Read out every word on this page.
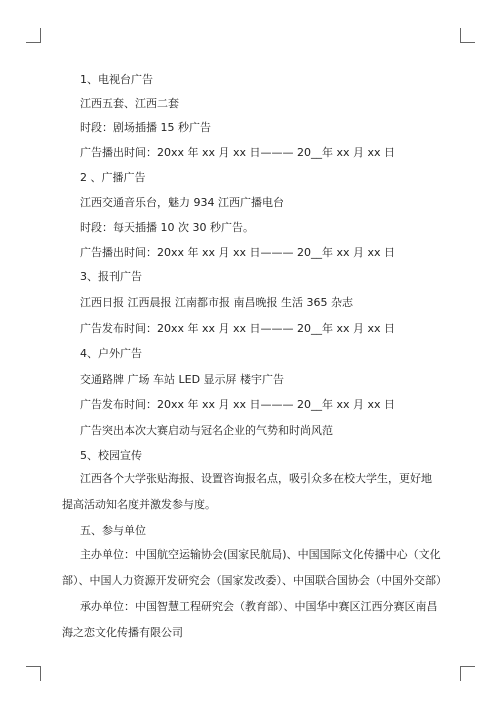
1、电视台广告
江西五套、江西二套
时段：剧场插播 15 秒广告
广告播出时间：20xx 年 xx 月 xx 日——— 20__年 xx 月 xx 日
2 、广播广告
江西交通音乐台，魅力 934 江西广播电台
时段：每天插播 10 次 30 秒广告。
广告播出时间：20xx 年 xx 月 xx 日——— 20__年 xx 月 xx 日
3、报刊广告
江西日报 江西晨报 江南都市报 南昌晚报 生活 365 杂志
广告发布时间：20xx 年 xx 月 xx 日——— 20__年 xx 月 xx 日
4、户外广告
交通路牌 广场 车站 LED 显示屏 楼宇广告
广告发布时间：20xx 年 xx 月 xx 日——— 20__年 xx 月 xx 日
广告突出本次大赛启动与冠名企业的气势和时尚风范
5、校园宣传
江西各个大学张贴海报、设置咨询报名点，吸引众多在校大学生，更好地提高活动知名度并激发参与度。
五、参与单位
主办单位：中国航空运输协会(国家民航局)、中国国际文化传播中心（文化部）、中国人力资源开发研究会（国家发改委）、中国联合国协会（中国外交部）
承办单位：中国智慧工程研究会（教育部）、中国华中赛区江西分赛区南昌海之恋文化传播有限公司
